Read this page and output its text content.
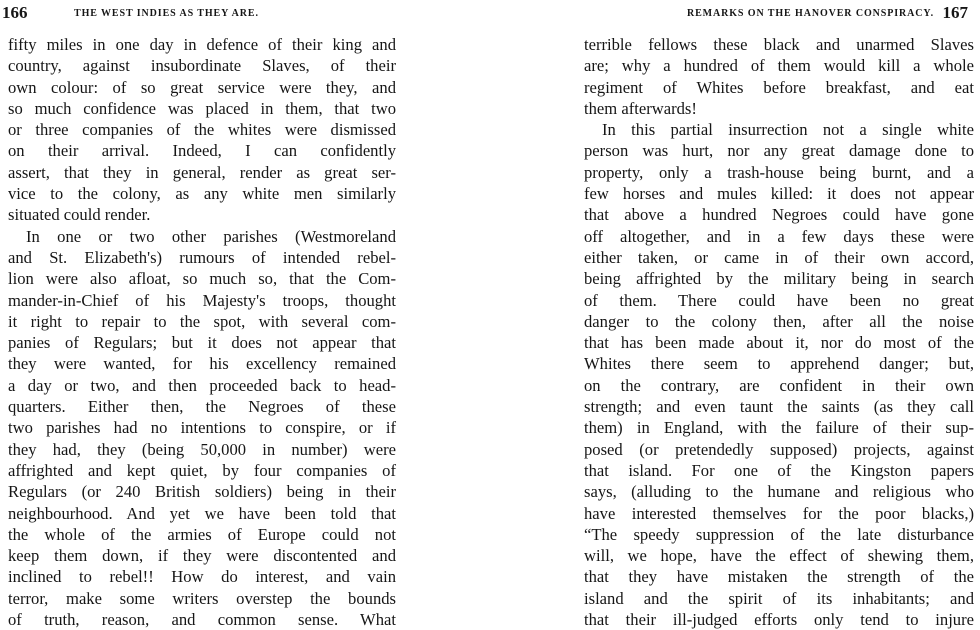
166	THE WEST INDIES AS THEY ARE.
fifty miles in one day in defence of their king and
country, against insubordinate Slaves, of their
own colour: of so great service were they, and
so much confidence was placed in them, that two
or three companies of the whites were dismissed
on their arrival. Indeed, I can confidently
assert, that they in general, render as great ser-
vice to the colony, as any white men similarly
situated could render.
In one or two other parishes (Westmoreland
and St. Elizabeth's) rumours of intended rebel-
lion were also afloat, so much so, that the Com-
mander-in-Chief of his Majesty's troops, thought
it right to repair to the spot, with several com-
panies of Regulars; but it does not appear that
they were wanted, for his excellency remained
a day or two, and then proceeded back to head-
quarters. Either then, the Negroes of these
two parishes had no intentions to conspire, or if
they had, they (being 50,000 in number) were
affrighted and kept quiet, by four companies of
Regulars (or 240 British soldiers) being in their
neighbourhood. And yet we have been told that
the whole of the armies of Europe could not
keep them down, if they were discontented and
inclined to rebel!! How do interest, and vain
terror, make some writers overstep the bounds
of truth, reason, and common sense. What
REMARKS ON THE HANOVER CONSPIRACY. 167
terrible fellows these black and unarmed Slaves
are; why a hundred of them would kill a whole
regiment of Whites before breakfast, and eat
them afterwards!
In this partial insurrection not a single white
person was hurt, nor any great damage done to
property, only a trash-house being burnt, and a
few horses and mules killed: it does not appear
that above a hundred Negroes could have gone
off altogether, and in a few days these were
either taken, or came in of their own accord,
being affrighted by the military being in search
of them. There could have been no great
danger to the colony then, after all the noise
that has been made about it, nor do most of the
Whites there seem to apprehend danger; but,
on the contrary, are confident in their own
strength; and even taunt the saints (as they call
them) in England, with the failure of their sup-
posed (or pretendedly supposed) projects, against
that island. For one of the Kingston papers
says, (alluding to the humane and religious who
have interested themselves for the poor blacks,)
“The speedy suppression of the late disturbance
will, we hope, have the effect of shewing them,
that they have mistaken the strength of the
island and the spirit of its inhabitants; and
that their ill-judged efforts only tend to injure
